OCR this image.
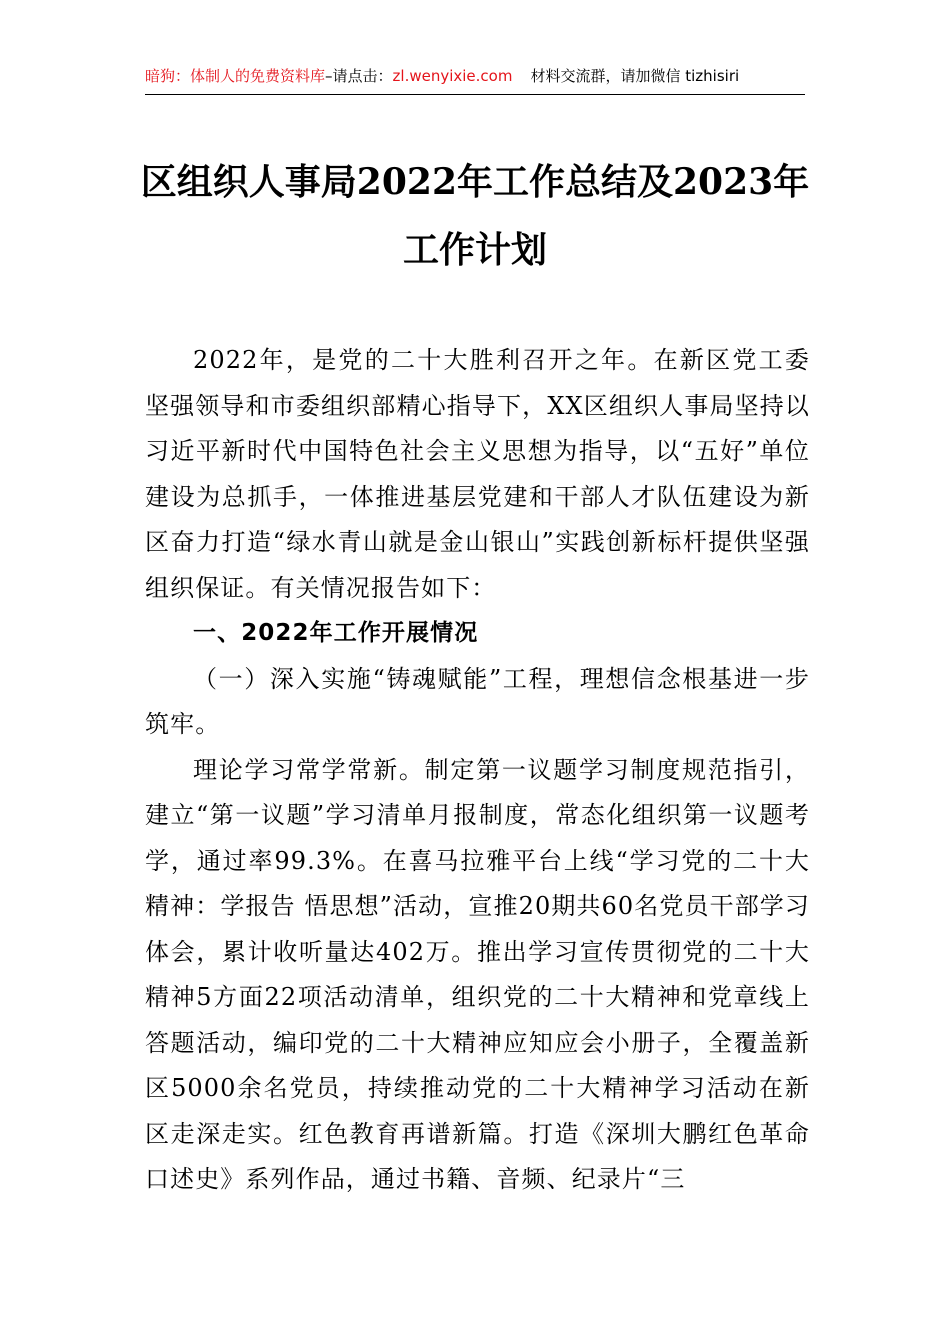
暗狗：体制人的免费资料库 –请点击： zl.wenyixie.com 材料交流群，请加微信 tizhisiri
区组织人事局2022年工作总结及2023年工作计划

2022年，是党的二十大胜利召开之年。在新区党工委坚强领导和市委组织部精心指导下，XX区组织人事局坚持以习近平新时代中国特色社会主义思想为指导，以“五好”单位建设为总抓手，一体推进基层党建和干部人才队伍建设为新区奋力打造“绿水青山就是金山银山”实践创新标杆提供坚强组织保证。有关情况报告如下：

一、2022年工作开展情况

（一）深入实施“铸魂赋能”工程，理想信念根基进一步筑牢。

理论学习常学常新。制定第一议题学习制度规范指引，建立“第一议题”学习清单月报制度，常态化组织第一议题考学，通过率99.3%。在喜马拉雅平台上线“学习党的二十大精神：学报告 悟思想”活动，宣推20期共60名党员干部学习体会，累计收听量达402万。推出学习宣传贯彻党的二十大精神5方面22项活动清单，组织党的二十大精神和党章线上答题活动，编印党的二十大精神应知应会小册子，全覆盖新区5000余名党员，持续推动党的二十大精神学习活动在新区走深走实。红色教育再谱新篇。打造《深圳大鹏红色革命口述史》系列作品，通过书籍、音频、纪录片“三
